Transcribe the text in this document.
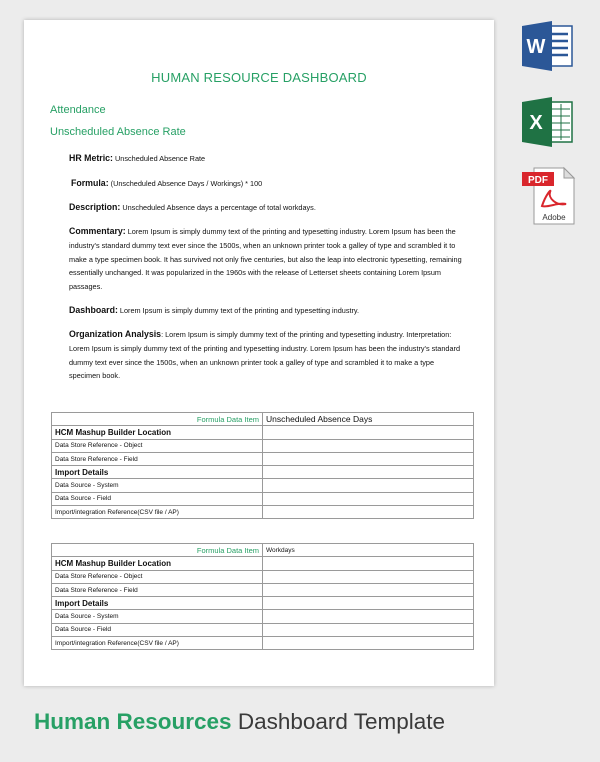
HUMAN RESOURCE DASHBOARD
Attendance
Unscheduled Absence Rate
HR Metric: Unscheduled Absence Rate
Formula: (Unscheduled Absence Days / Workings) * 100
Description: Unscheduled Absence days a percentage of total workdays.
Commentary: Lorem Ipsum is simply dummy text of the printing and typesetting industry. Lorem Ipsum has been the industry's standard dummy text ever since the 1500s, when an unknown printer took a galley of type and scrambled it to make a type specimen book. It has survived not only five centuries, but also the leap into electronic typesetting, remaining essentially unchanged. It was popularized in the 1960s with the release of Letterset sheets containing Lorem Ipsum passages.
Dashboard: Lorem Ipsum is simply dummy text of the printing and typesetting industry.
Organization Analysis: Lorem Ipsum is simply dummy text of the printing and typesetting industry. Interpretation: Lorem Ipsum is simply dummy text of the printing and typesetting industry. Lorem Ipsum has been the industry's standard dummy text ever since the 1500s, when an unknown printer took a galley of type and scrambled it to make a type specimen book.
Formula Data Item	Unscheduled Absence Days
HCM Mashup Builder Location	
Data Store Reference - Object	
Data Store Reference - Field	
Import Details	
Data Source - System	
Data Source - Field	
Import/integration Reference(CSV file / AP)	
Formula Data Item	Workdays
HCM Mashup Builder Location	
Data Store Reference - Object	
Data Store Reference - Field	
Import Details	
Data Source - System	
Data Source - Field	
Import/integration Reference(CSV file / AP)	
W
X
PDF
Adobe
Human Resources Dashboard Template
